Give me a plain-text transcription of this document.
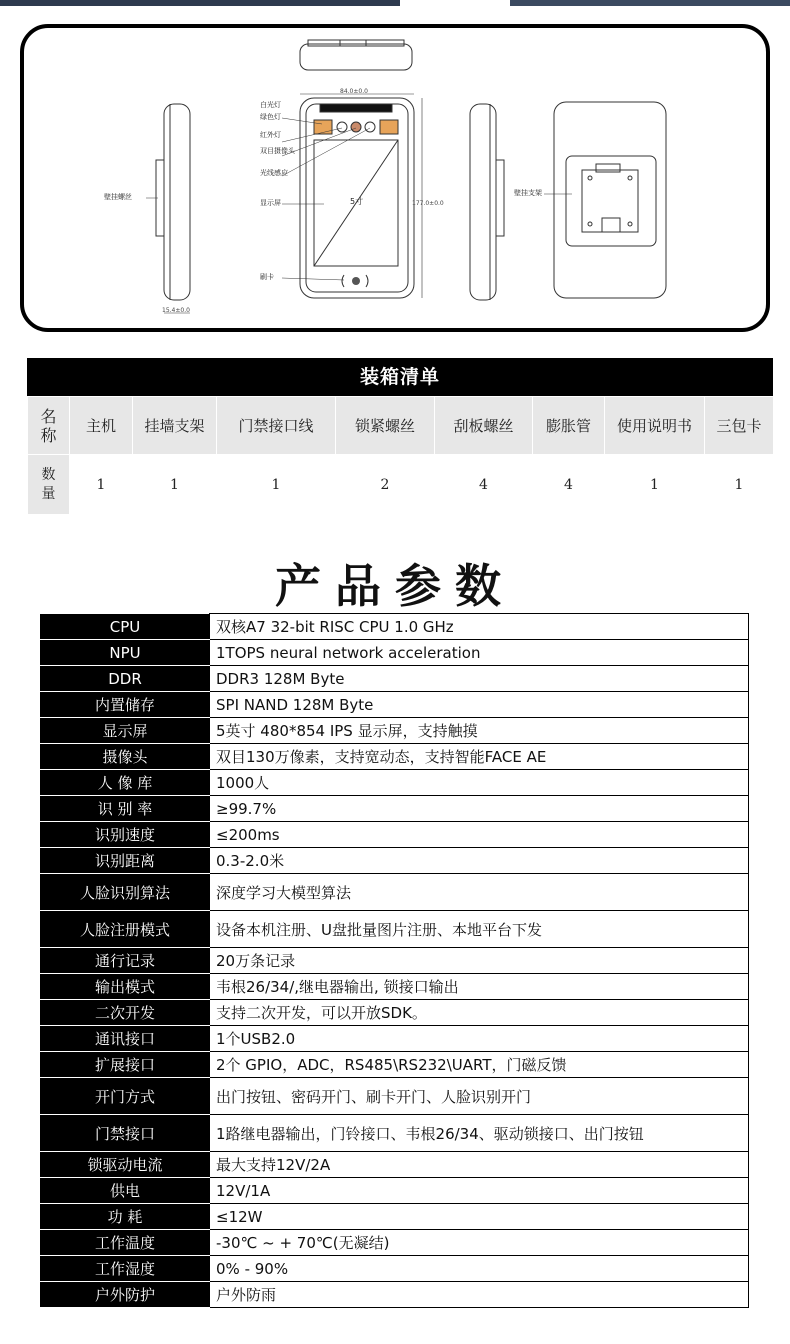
白光灯
绿色灯
红外灯
双目摄像头
光线感应
显示屏
刷卡
壁挂螺丝	壁挂支架
5寸
84.0±0.0
177.0±0.0
15.4±0.0
装箱清单
名称	主机	挂墙支架	门禁接口线	锁紧螺丝	刮板螺丝	膨胀管	使用说明书	三包卡
数量	1	1	1	2	4	4	1	1
产品参数
CPU	双核A7 32-bit RISC CPU 1.0 GHz
NPU	1TOPS neural network acceleration
DDR	DDR3 128M Byte
内置储存	SPI NAND 128M Byte
显示屏	5英寸 480*854 IPS 显示屏，支持触摸
摄像头	双目130万像素，支持宽动态，支持智能FACE AE
人 像 库	1000人
识 别 率	≥99.7%
识别速度	≤200ms
识别距离	0.3-2.0米
人脸识别算法	深度学习大模型算法
人脸注册模式	设备本机注册、U盘批量图片注册、本地平台下发
通行记录	20万条记录
输出模式	韦根26/34/,继电器输出, 锁接口输出
二次开发	支持二次开发，可以开放SDK。
通讯接口	1个USB2.0
扩展接口	2个 GPIO，ADC，RS485\RS232\UART，门磁反馈
开门方式	出门按钮、密码开门、刷卡开门、人脸识别开门
门禁接口	1路继电器输出，门铃接口、韦根26/34、驱动锁接口、出门按钮
锁驱动电流	最大支持12V/2A
供电	12V/1A
功 耗	≤12W
工作温度	-30℃ ~ + 70℃(无凝结)
工作湿度	0% - 90%
户外防护	户外防雨
